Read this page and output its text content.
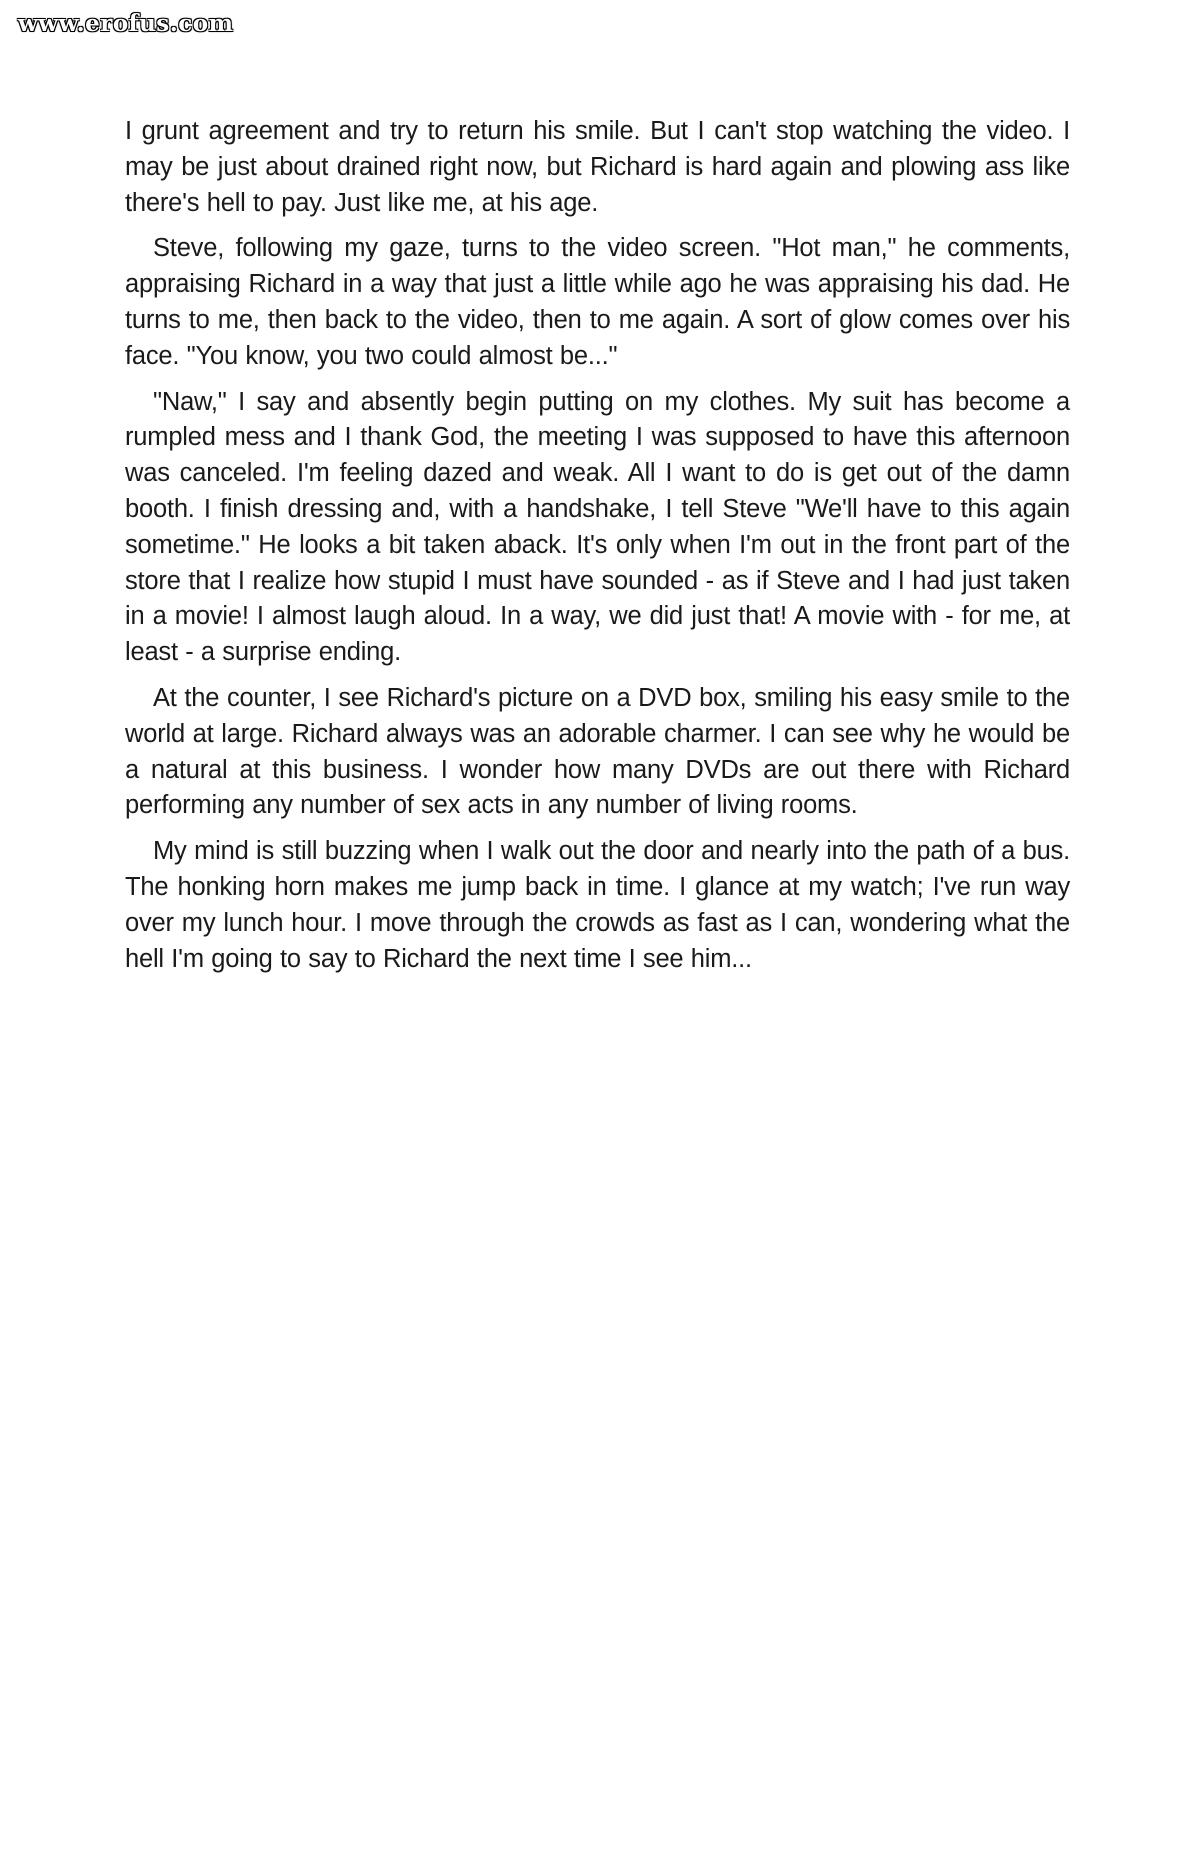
www.erofus.com

I grunt agreement and try to return his smile. But I can't stop watching the video. I may be just about drained right now, but Richard is hard again and plowing ass like there's hell to pay. Just like me, at his age.

Steve, following my gaze, turns to the video screen. "Hot man," he comments, appraising Richard in a way that just a little while ago he was appraising his dad. He turns to me, then back to the video, then to me again. A sort of glow comes over his face. "You know, you two could almost be..."

"Naw," I say and absently begin putting on my clothes. My suit has become a rumpled mess and I thank God, the meeting I was supposed to have this afternoon was canceled. I'm feeling dazed and weak. All I want to do is get out of the damn booth. I finish dressing and, with a handshake, I tell Steve "We'll have to this again sometime." He looks a bit taken aback. It's only when I'm out in the front part of the store that I realize how stupid I must have sounded - as if Steve and I had just taken in a movie! I almost laugh aloud. In a way, we did just that! A movie with - for me, at least - a surprise ending.

At the counter, I see Richard's picture on a DVD box, smiling his easy smile to the world at large. Richard always was an adorable charmer. I can see why he would be a natural at this business. I wonder how many DVDs are out there with Richard performing any number of sex acts in any number of living rooms.

My mind is still buzzing when I walk out the door and nearly into the path of a bus. The honking horn makes me jump back in time. I glance at my watch; I've run way over my lunch hour. I move through the crowds as fast as I can, wondering what the hell I'm going to say to Richard the next time I see him...
